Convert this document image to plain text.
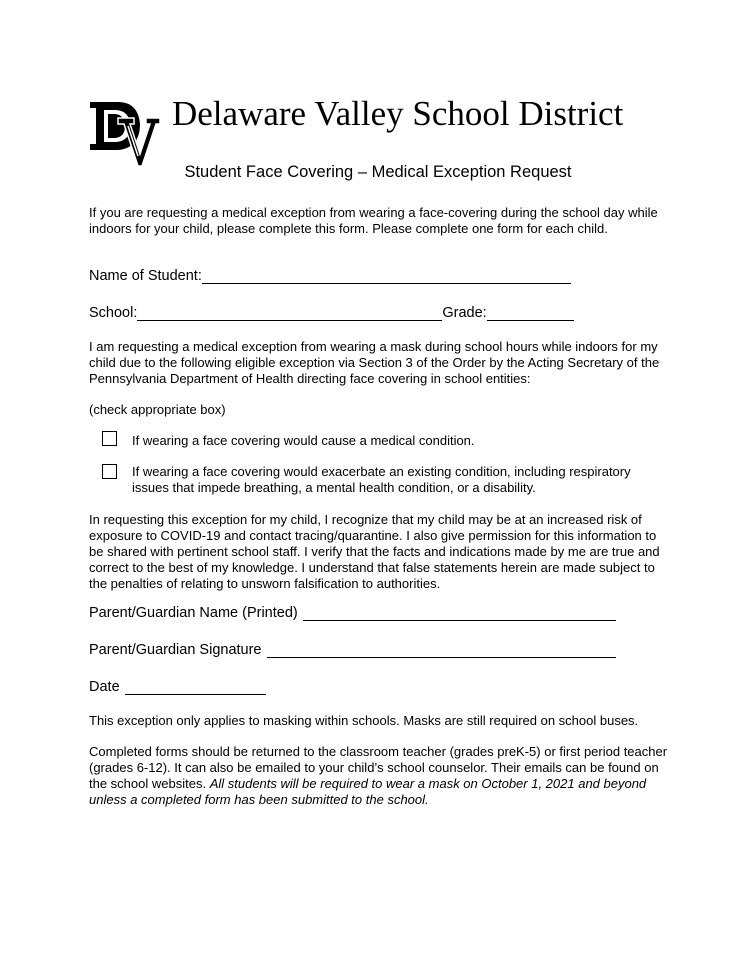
Delaware Valley School District
Student Face Covering – Medical Exception Request

If you are requesting a medical exception from wearing a face-covering during the school day while indoors for your child, please complete this form. Please complete one form for each child.

Name of Student:
School:	Grade:

I am requesting a medical exception from wearing a mask during school hours while indoors for my child due to the following eligible exception via Section 3 of the Order by the Acting Secretary of the Pennsylvania Department of Health directing face covering in school entities:

(check appropriate box)

If wearing a face covering would cause a medical condition.
If wearing a face covering would exacerbate an existing condition, including respiratory issues that impede breathing, a mental health condition, or a disability.

In requesting this exception for my child, I recognize that my child may be at an increased risk of exposure to COVID-19 and contact tracing/quarantine. I also give permission for this information to be shared with pertinent school staff. I verify that the facts and indications made by me are true and correct to the best of my knowledge. I understand that false statements herein are made subject to the penalties of relating to unsworn falsification to authorities.

Parent/Guardian Name (Printed)
Parent/Guardian Signature
Date

This exception only applies to masking within schools. Masks are still required on school buses.

Completed forms should be returned to the classroom teacher (grades preK-5) or first period teacher (grades 6-12). It can also be emailed to your child’s school counselor. Their emails can be found on the school websites. All students will be required to wear a mask on October 1, 2021 and beyond unless a completed form has been submitted to the school.
